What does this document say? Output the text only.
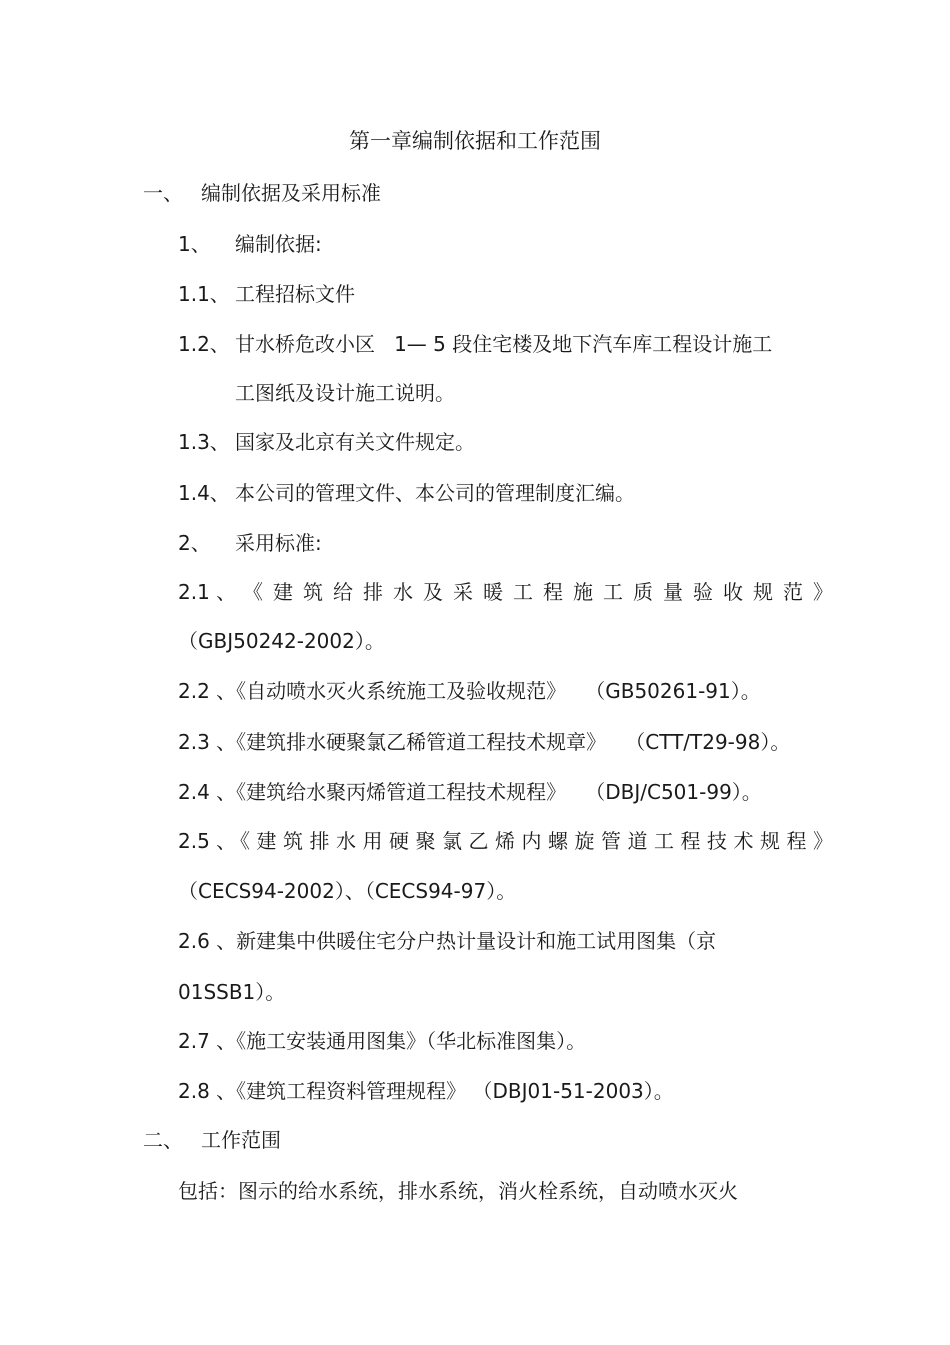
第一章编制依据和工作范围
一、 编制依据及采用标准
1、 编制依据:
1.1、 工程招标文件
1.2、 甘水桥危改小区   1— 5 段住宅楼及地下汽车库工程设计施工
工图纸及设计施工说明。
1.3、 国家及北京有关文件规定。
1.4、 本公司的管理文件、本公司的管理制度汇编。
2、 采用标准:
2.1 、 《建筑给排水及采暖工程施工质量验收规范》
（GBJ50242-2002）。
2.2 、《自动喷水灭火系统施工及验收规范》   （GB50261-91）。
2.3 、《建筑排水硬聚氯乙稀管道工程技术规章》   （CTT/T29-98）。
2.4 、《建筑给水聚丙烯管道工程技术规程》   （DBJ/C501-99）。
2.5 、
《建筑排水用硬聚氯乙烯内螺旋管道工程技术规程》
（CECS94-2002）、（CECS94-97）。
2.6 、新建集中供暖住宅分户热计量设计和施工试用图集（京
01SSB1）。
2.7 、《施工安装通用图集》（华北标准图集）。
2.8 、《建筑工程资料管理规程》 （DBJ01-51-2003）。
二、 工作范围
包括：图示的给水系统，排水系统，消火栓系统，自动喷水灭火
